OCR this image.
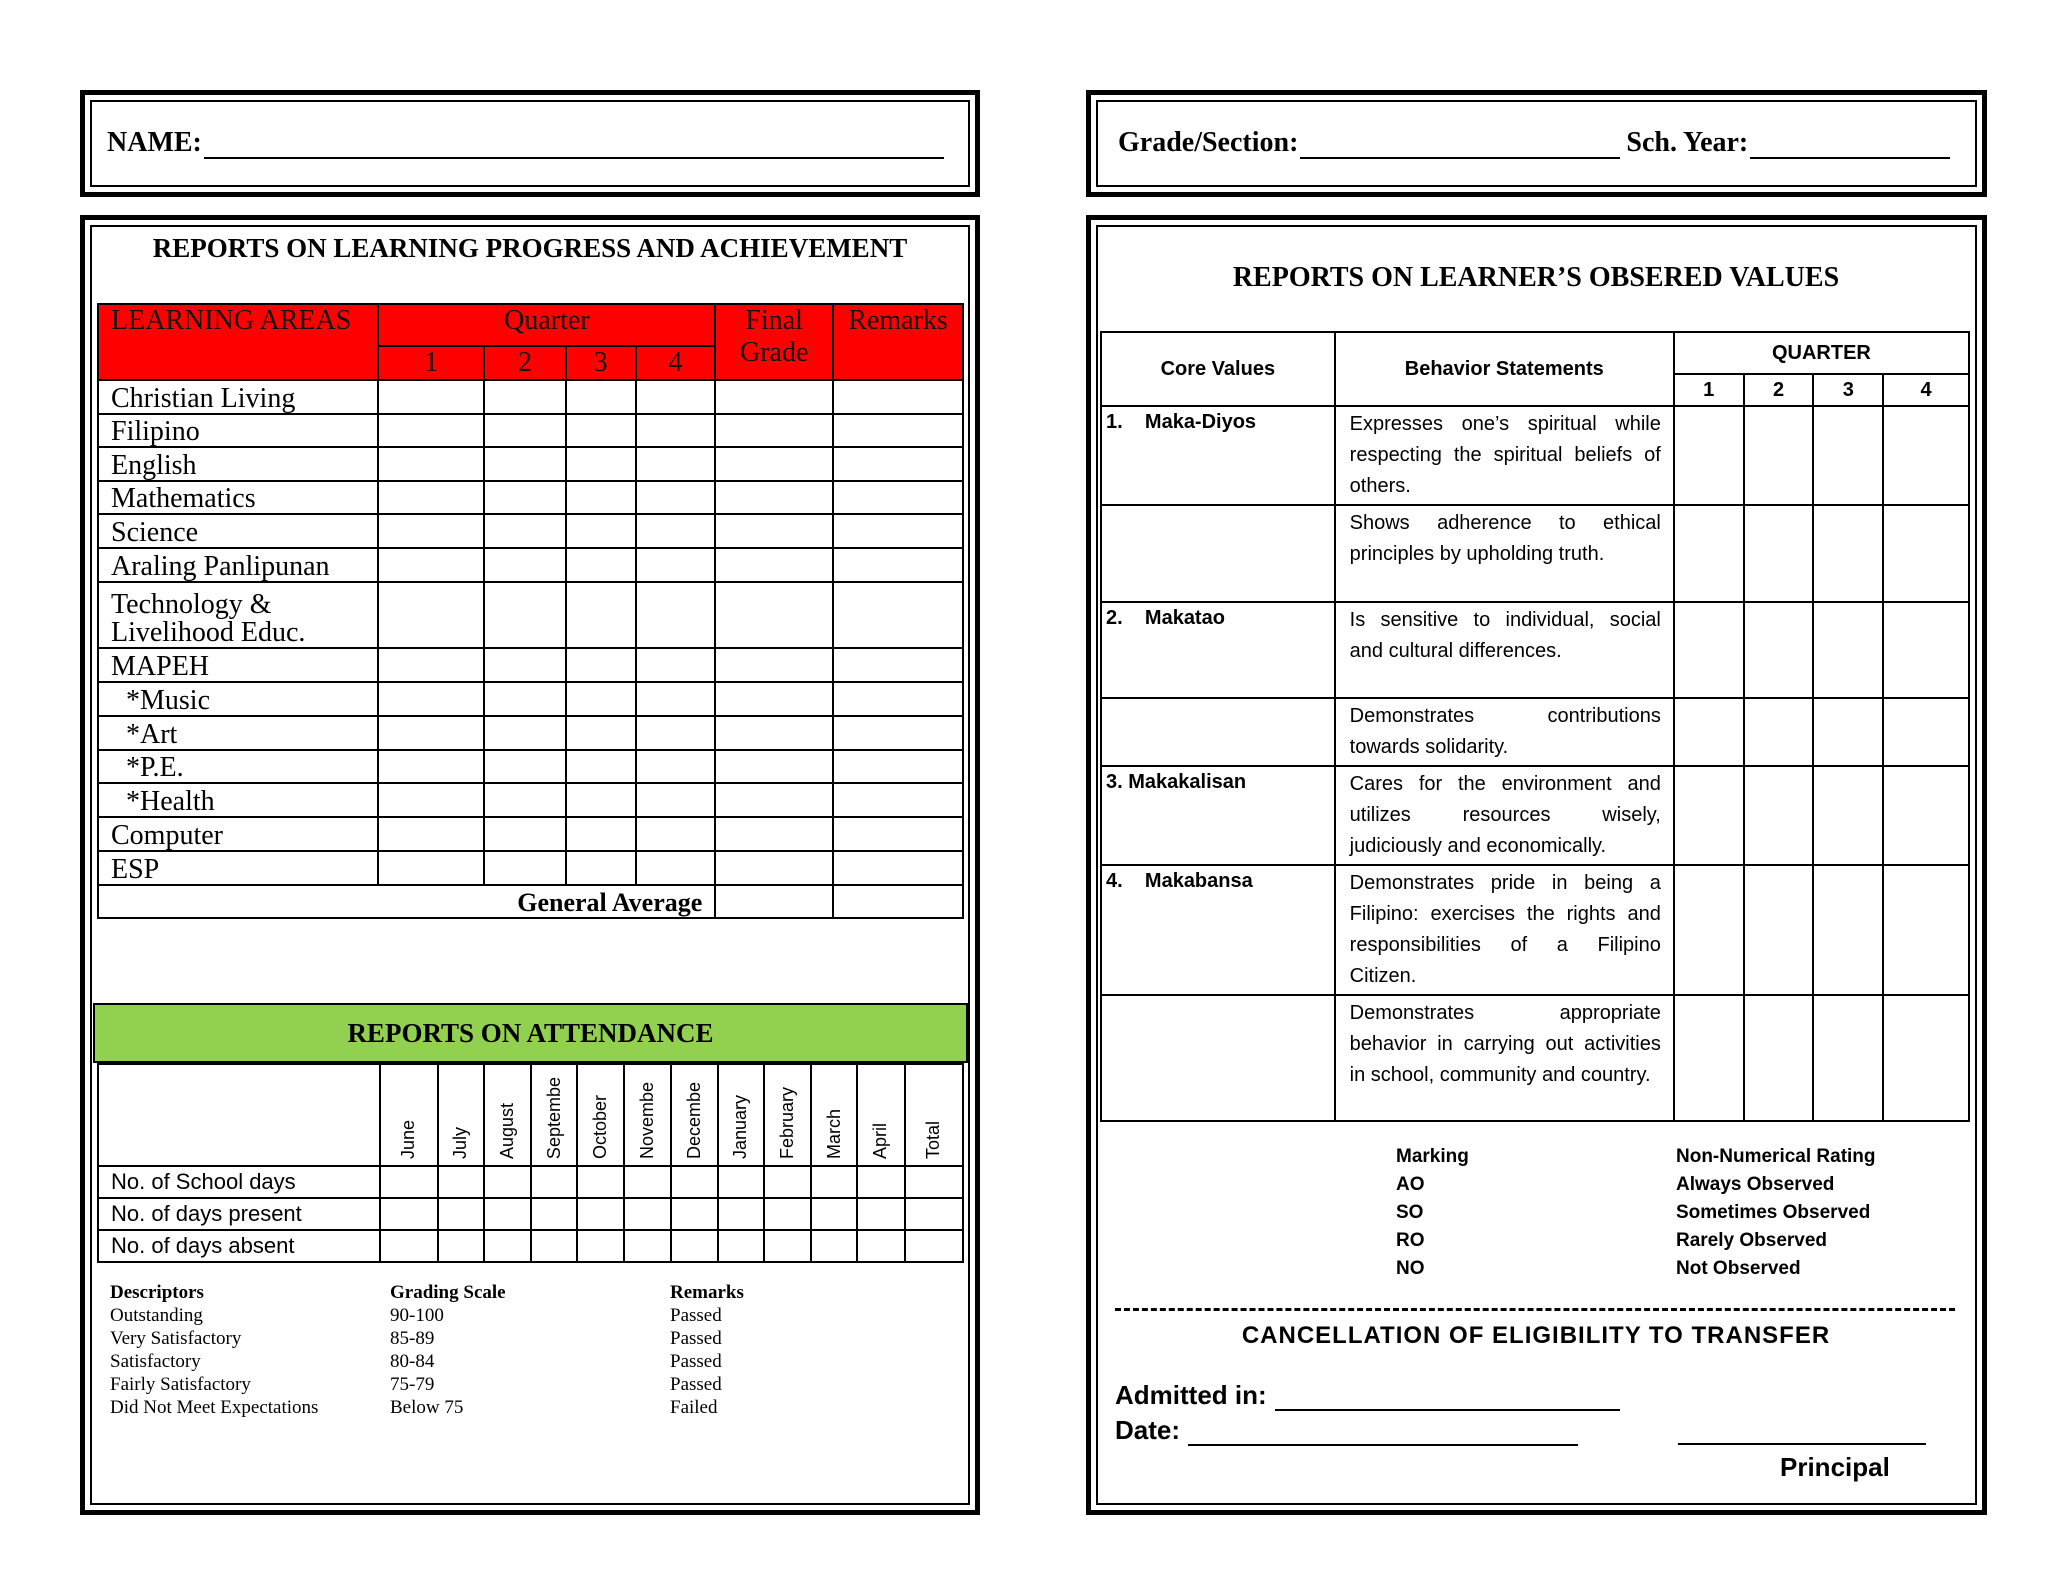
NAME:	Grade/Section:	Sch. Year:
REPORTS ON LEARNING PROGRESS AND ACHIEVEMENT
LEARNING AREAS	Quarter				Final Grade	Remarks
	1	2	3	4		
Christian Living						
Filipino						
English						
Mathematics						
Science						
Araling Panlipunan						
Technology & Livelihood Educ.						
MAPEH						
*Music						
*Art						
*P.E.						
*Health						
Computer						
ESP						
General Average						
REPORTS ON ATTENDANCE
	June	July	August	Septembe	October	Novembe	Decembe	January	February	March	April	Total
No. of School days												
No. of days present												
No. of days absent												
Descriptors	Grading Scale	Remarks
Outstanding	90-100	Passed
Very Satisfactory	85-89	Passed
Satisfactory	80-84	Passed
Fairly Satisfactory	75-79	Passed
Did Not Meet Expectations	Below 75	Failed
REPORTS ON LEARNER’S OBSERED VALUES
Core Values	Behavior Statements	QUARTER			
		1	2	3	4
1.    Maka-Diyos	Expresses one’s spiritual while respecting the spiritual beliefs of others.				
	Shows adherence to ethical principles by upholding truth.				
2.    Makatao	Is sensitive to individual, social and cultural differences.				
	Demonstrates contributions towards solidarity.				
3. Makakalisan	Cares for the environment and utilizes resources wisely, judiciously and economically.				
4.    Makabansa	Demonstrates pride in being a Filipino: exercises the rights and responsibilities of a Filipino Citizen.				
	Demonstrates appropriate behavior in carrying out activities in school, community and country.				
Marking	Non-Numerical Rating
AO	Always Observed
SO	Sometimes Observed
RO	Rarely Observed
NO	Not Observed
CANCELLATION OF ELIGIBILITY TO TRANSFER
Admitted in:
Date:
Principal
